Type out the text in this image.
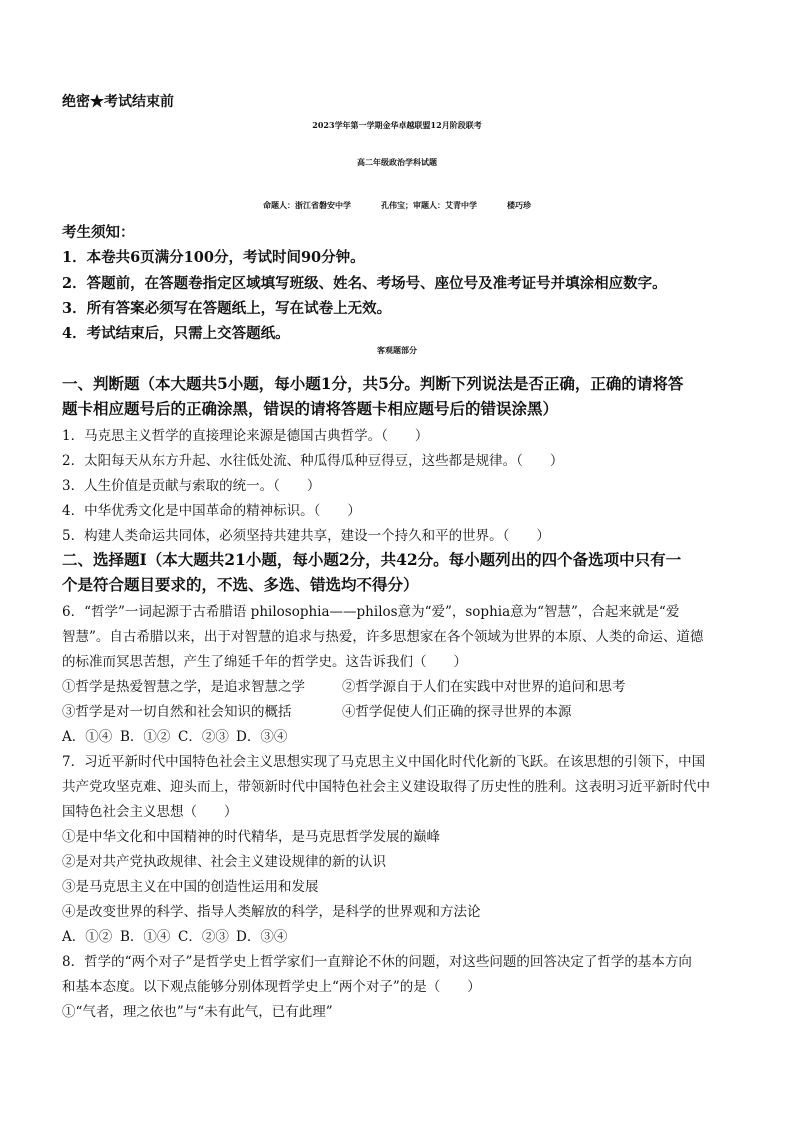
绝密★考试结束前
2023学年第一学期金华卓越联盟12月阶段联考
高二年级政治学科试题
命题人：浙江省磐安中学	孔伟宝；审题人：艾青中学	楼巧珍
考生须知：
1．本卷共6页满分100分，考试时间90分钟。
2．答题前，在答题卷指定区域填写班级、姓名、考场号、座位号及准考证号并填涂相应数字。
3．所有答案必须写在答题纸上，写在试卷上无效。
4．考试结束后，只需上交答题纸。
客观题部分
一、判断题（本大题共5小题，每小题1分，共5分。判断下列说法是否正确，正确的请将答
题卡相应题号后的正确涂黑，错误的请将答题卡相应题号后的错误涂黑）
1．马克思主义哲学的直接理论来源是德国古典哲学。（　　）
2．太阳每天从东方升起、水往低处流、种瓜得瓜种豆得豆，这些都是规律。（　　）
3．人生价值是贡献与索取的统一。（　　）
4．中华优秀文化是中国革命的精神标识。（　　）
5．构建人类命运共同体，必须坚持共建共享，建设一个持久和平的世界。（　　）
二、选择题Ⅰ（本大题共21小题，每小题2分，共42分。每小题列出的四个备选项中只有一
个是符合题目要求的，不选、多选、错选均不得分）
6．“哲学”一词起源于古希腊语 philosophia——philos意为“爱”，sophia意为“智慧”，合起来就是“爱
智慧”。自古希腊以来，出于对智慧的追求与热爱，许多思想家在各个领域为世界的本原、人类的命运、道德
的标准而冥思苦想，产生了绵延千年的哲学史。这告诉我们（　　）
①哲学是热爱智慧之学，是追求智慧之学	②哲学源自于人们在实践中对世界的追问和思考
③哲学是对一切自然和社会知识的概括	④哲学促使人们正确的探寻世界的本源
A．①④ B．①② C．②③ D．③④
7．习近平新时代中国特色社会主义思想实现了马克思主义中国化时代化新的飞跃。在该思想的引领下，中国
共产党攻坚克难、迎头而上，带领新时代中国特色社会主义建设取得了历史性的胜利。这表明习近平新时代中
国特色社会主义思想（　　）
①是中华文化和中国精神的时代精华，是马克思哲学发展的巅峰
②是对共产党执政规律、社会主义建设规律的新的认识
③是马克思主义在中国的创造性运用和发展
④是改变世界的科学、指导人类解放的科学，是科学的世界观和方法论
A．①② B．①④ C．②③ D．③④
8．哲学的“两个对子”是哲学史上哲学家们一直辩论不休的问题，对这些问题的回答决定了哲学的基本方向
和基本态度。以下观点能够分别体现哲学史上“两个对子”的是（　　）
①“气者，理之依也”与“未有此气，已有此理”
